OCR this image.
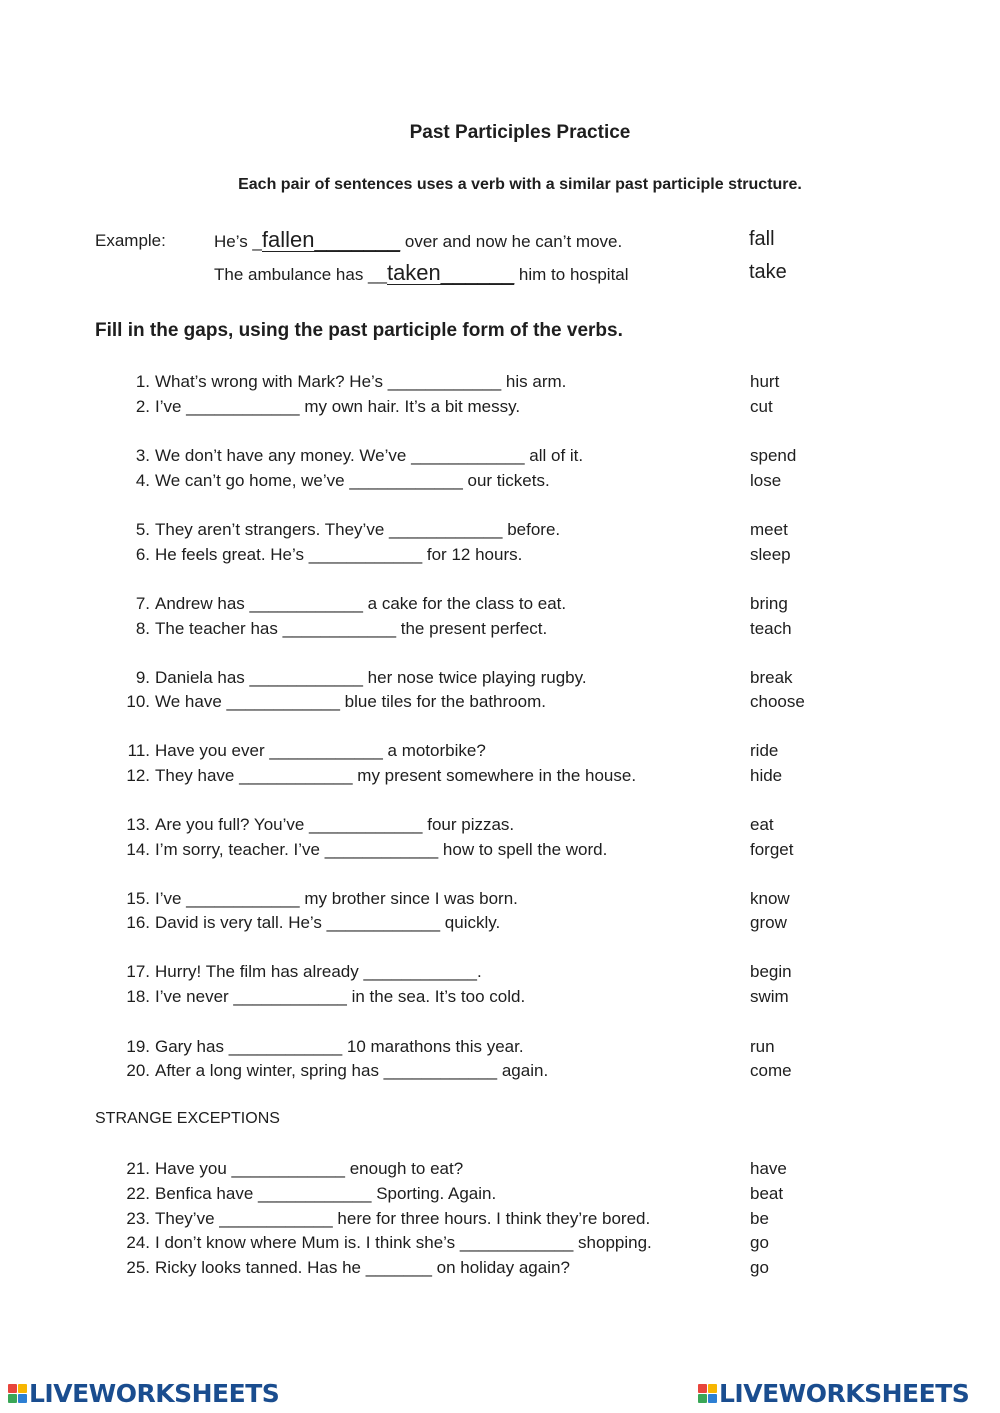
Past Participles Practice
Each pair of sentences uses a verb with a similar past participle structure.
Example:	He’s _fallen_______ over and now he can’t move.	fall
The ambulance has __taken______ him to hospital	take
Fill in the gaps, using the past participle form of the verbs.
1. What’s wrong with Mark? He’s ____________ his arm.	hurt
2. I’ve ____________ my own hair. It’s a bit messy.	cut
3. We don’t have any money. We’ve ____________ all of it.	spend
4. We can’t go home, we’ve ____________ our tickets.	lose
5. They aren’t strangers. They’ve ____________ before.	meet
6. He feels great. He’s ____________ for 12 hours.	sleep
7. Andrew has ____________ a cake for the class to eat.	bring
8. The teacher has ____________ the present perfect.	teach
9. Daniela has ____________ her nose twice playing rugby.	break
10. We have ____________ blue tiles for the bathroom.	choose
11. Have you ever ____________ a motorbike?	ride
12. They have ____________ my present somewhere in the house.	hide
13. Are you full? You’ve ____________ four pizzas.	eat
14. I’m sorry, teacher. I’ve ____________ how to spell the word.	forget
15. I’ve ____________ my brother since I was born.	know
16. David is very tall. He’s ____________ quickly.	grow
17. Hurry! The film has already ____________.	begin
18. I’ve never ____________ in the sea. It’s too cold.	swim
19. Gary has ____________ 10 marathons this year.	run
20. After a long winter, spring has ____________ again.	come
21. Have you ____________ enough to eat?	have
22. Benfica have ____________ Sporting. Again.	beat
23. They’ve ____________ here for three hours. I think they’re bored.	be
24. I don’t know where Mum is. I think she’s ____________ shopping.	go
25. Ricky looks tanned. Has he _______ on holiday again?	go
STRANGE EXCEPTIONS
LIVEWORKSHEETS	LIVEWORKSHEETS
